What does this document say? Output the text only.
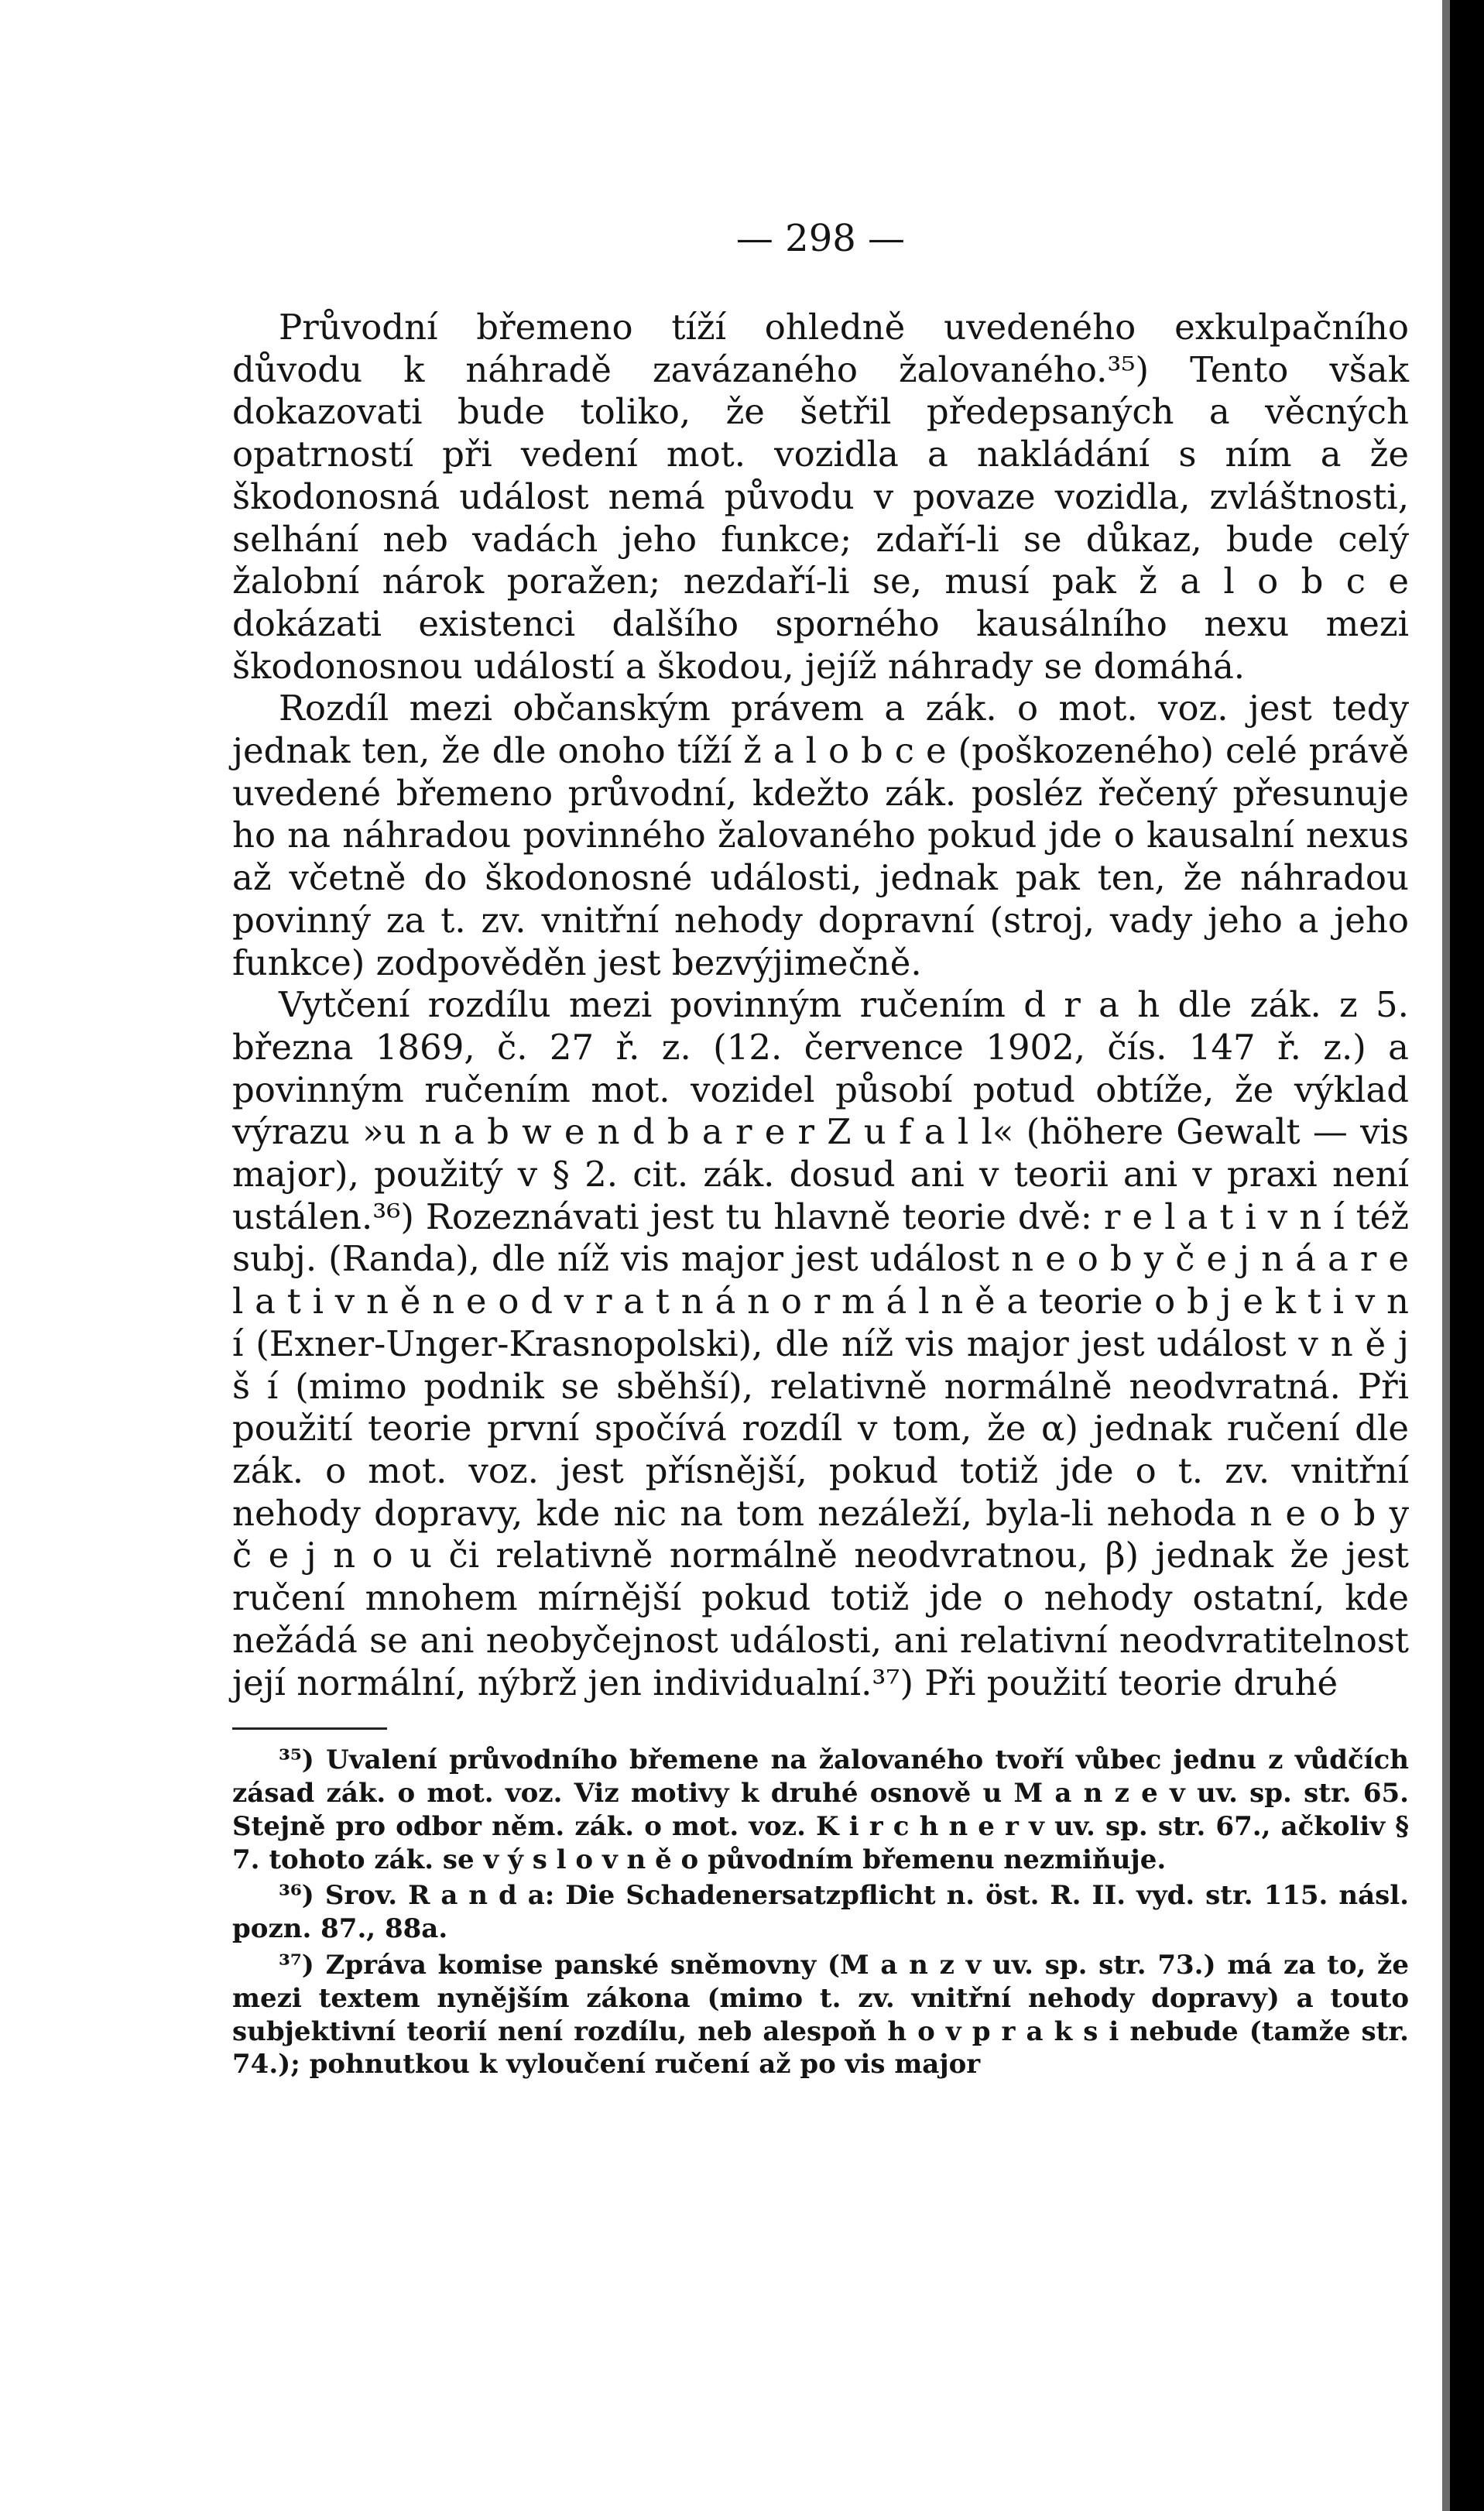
— 298 —

Průvodní břemeno tíží ohledně uvedeného exkulpačního důvodu k náhradě zavázaného žalovaného.³⁵) Tento však dokazovati bude toliko, že šetřil předepsaných a věcných opatrností při vedení mot. vozidla a nakládání s ním a že škodonosná událost nemá původu v povaze vozidla, zvláštnosti, selhání neb vadách jeho funkce; zdaří-li se důkaz, bude celý žalobní nárok poražen; nezdaří-li se, musí pak ž a l o b c e dokázati existenci dalšího sporného kausálního nexu mezi škodonosnou událostí a škodou, jejíž náhrady se domáhá.

Rozdíl mezi občanským právem a zák. o mot. voz. jest tedy jednak ten, že dle onoho tíží ž a l o b c e (poškozeného) celé právě uvedené břemeno průvodní, kdežto zák. posléz řečený přesunuje ho na náhradou povinného žalovaného pokud jde o kausalní nexus až včetně do škodonosné události, jednak pak ten, že náhradou povinný za t. zv. vnitřní nehody dopravní (stroj, vady jeho a jeho funkce) zodpověděn jest bezvýjimečně.

Vytčení rozdílu mezi povinným ručením d r a h dle zák. z 5. března 1869, č. 27 ř. z. (12. července 1902, čís. 147 ř. z.) a povinným ručením mot. vozidel působí potud obtíže, že výklad výrazu »u n a b w e n d b a r e r Z u f a l l« (höhere Gewalt — vis major), použitý v § 2. cit. zák. dosud ani v teorii ani v praxi není ustálen.³⁶) Rozeznávati jest tu hlavně teorie dvě: r e l a t i v n í též subj. (Randa), dle níž vis major jest událost n e o b y č e j n á a r e l a t i v n ě n e o d v r a t n á n o r m á l n ě a teorie o b j e k t i v n í (Exner-Unger-Krasnopolski), dle níž vis major jest událost v n ě j š í (mimo podnik se sběhší), relativně normálně neodvratná. Při použití teorie první spočívá rozdíl v tom, že α) jednak ručení dle zák. o mot. voz. jest přísnější, pokud totiž jde o t. zv. vnitřní nehody dopravy, kde nic na tom nezáleží, byla-li nehoda n e o b y č e j n o u či relativně normálně neodvratnou, β) jednak že jest ručení mnohem mírnější pokud totiž jde o nehody ostatní, kde nežádá se ani neobyčejnost události, ani relativní neodvratitelnost její normální, nýbrž jen individualní.³⁷) Při použití teorie druhé

³⁵) Uvalení průvodního břemene na žalovaného tvoří vůbec jednu z vůdčích zásad zák. o mot. voz. Viz motivy k druhé osnově u M a n z e v uv. sp. str. 65. Stejně pro odbor něm. zák. o mot. voz. K i r c h n e r v uv. sp. str. 67., ačkoliv § 7. tohoto zák. se v ý s l o v n ě o původním břemenu nezmiňuje.

³⁶) Srov. R a n d a: Die Schadenersatzpflicht n. öst. R. II. vyd. str. 115. násl. pozn. 87., 88a.

³⁷) Zpráva komise panské sněmovny (M a n z v uv. sp. str. 73.) má za to, že mezi textem nynějším zákona (mimo t. zv. vnitřní nehody dopravy) a touto subjektivní teorií není rozdílu, neb alespoň h o v p r a k s i nebude (tamže str. 74.); pohnutkou k vyloučení ručení až po vis major
